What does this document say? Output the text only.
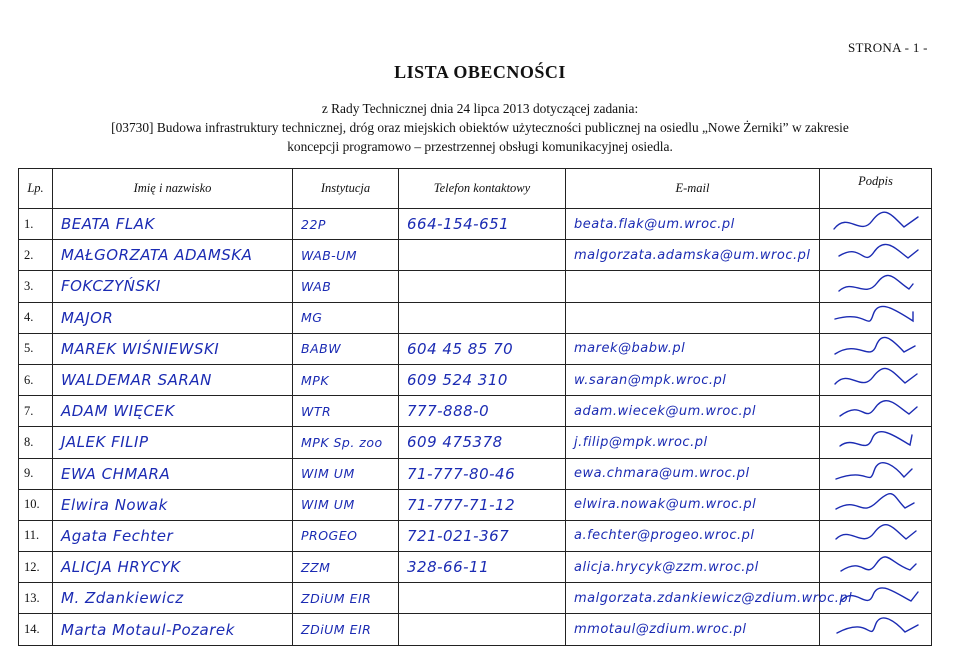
STRONA - 1 -
LISTA OBECNOŚCI
z Rady Technicznej dnia 24 lipca 2013 dotyczącej zadania:
[03730] Budowa infrastruktury technicznej, dróg oraz miejskich obiektów użyteczności publicznej na osiedlu „Nowe Żerniki” w zakresie
koncepcji programowo – przestrzennej obsługi komunikacyjnej osiedla.
Lp.	Imię i nazwisko	Instytucja	Telefon kontaktowy	E-mail	Podpis
1.	BEATA FLAK	22P	664-154-651	beata.flak@um.wroc.pl	

2.	MAŁGORZATA ADAMSKA	WAB-UM		malgorzata.adamska@um.wroc.pl	

3.	FOKCZYŃSKI	WAB			

4.	MAJOR	MG			

5.	MAREK WIŚNIEWSKI	BABW	604 45 85 70	marek@babw.pl	

6.	WALDEMAR SARAN	MPK	609 524 310	w.saran@mpk.wroc.pl	

7.	ADAM WIĘCEK	WTR	777-888-0	adam.wiecek@um.wroc.pl	

8.	JALEK FILIP	MPK Sp. zoo	609 475378	j.filip@mpk.wroc.pl	

9.	EWA CHMARA	WIM UM	71-777-80-46	ewa.chmara@um.wroc.pl	

10.	Elwira Nowak	WIM UM	71-777-71-12	elwira.nowak@um.wroc.pl	

11.	Agata Fechter	PROGEO	721-021-367	a.fechter@progeo.wroc.pl	

12.	ALICJA HRYCYK	ZZM	328-66-11	alicja.hrycyk@zzm.wroc.pl	

13.	M. Zdankiewicz	ZDiUM EIR		malgorzata.zdankiewicz@zdium.wroc.pl	

14.	Marta Motaul-Pozarek	ZDiUM EIR		mmotaul@zdium.wroc.pl	
